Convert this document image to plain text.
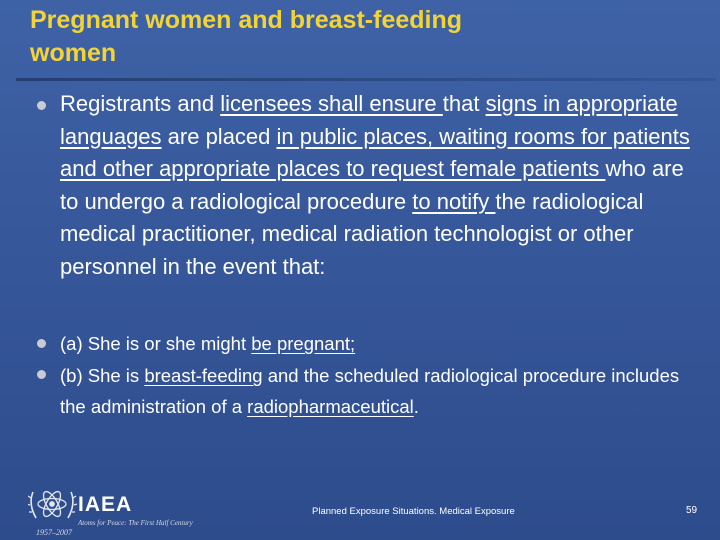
Pregnant women and breast-feeding
women
Registrants and licensees shall ensure that signs in appropriate languages are placed in public places, waiting rooms for patients and other appropriate places to request female patients who are to undergo a radiological procedure to notify the radiological medical practitioner, medical radiation technologist or other personnel in the event that:
(a) She is or she might be pregnant;
(b) She is breast-feeding and the scheduled radiological procedure includes the administration of a radiopharmaceutical.
IAEA
Atoms for Peace: The First Half Century
1957–2007
Planned Exposure Situations. Medical Exposure	59
